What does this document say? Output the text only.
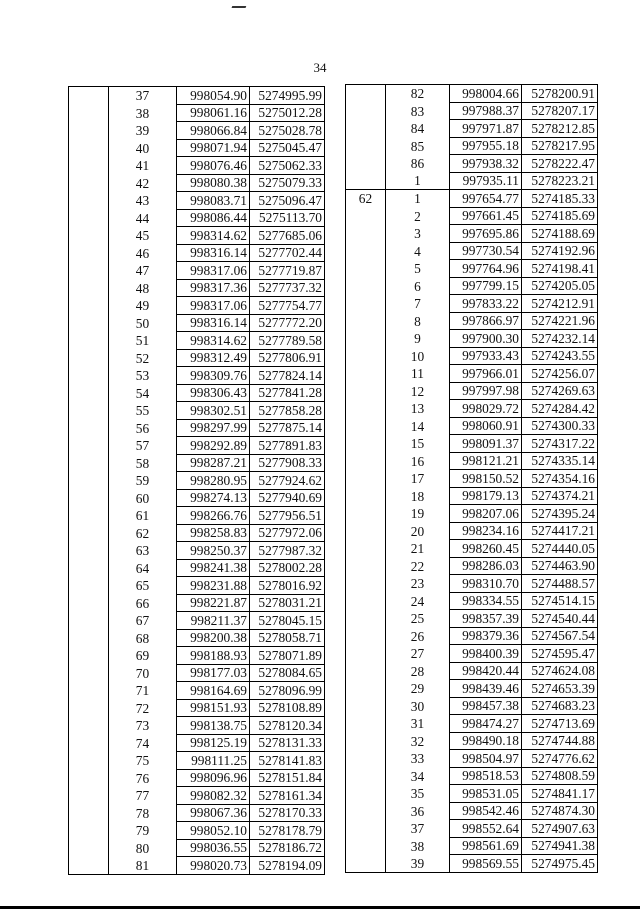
34
	37	998054.90	5274995.99
	38	998061.16	5275012.28
	39	998066.84	5275028.78
	40	998071.94	5275045.47
	41	998076.46	5275062.33
	42	998080.38	5275079.33
	43	998083.71	5275096.47
	44	998086.44	5275113.70
	45	998314.62	5277685.06
	46	998316.14	5277702.44
	47	998317.06	5277719.87
	48	998317.36	5277737.32
	49	998317.06	5277754.77
	50	998316.14	5277772.20
	51	998314.62	5277789.58
	52	998312.49	5277806.91
	53	998309.76	5277824.14
	54	998306.43	5277841.28
	55	998302.51	5277858.28
	56	998297.99	5277875.14
	57	998292.89	5277891.83
	58	998287.21	5277908.33
	59	998280.95	5277924.62
	60	998274.13	5277940.69
	61	998266.76	5277956.51
	62	998258.83	5277972.06
	63	998250.37	5277987.32
	64	998241.38	5278002.28
	65	998231.88	5278016.92
	66	998221.87	5278031.21
	67	998211.37	5278045.15
	68	998200.38	5278058.71
	69	998188.93	5278071.89
	70	998177.03	5278084.65
	71	998164.69	5278096.99
	72	998151.93	5278108.89
	73	998138.75	5278120.34
	74	998125.19	5278131.33
	75	998111.25	5278141.83
	76	998096.96	5278151.84
	77	998082.32	5278161.34
	78	998067.36	5278170.33
	79	998052.10	5278178.79
	80	998036.55	5278186.72
	81	998020.73	5278194.09
	82	998004.66	5278200.91
	83	997988.37	5278207.17
	84	997971.87	5278212.85
	85	997955.18	5278217.95
	86	997938.32	5278222.47
	1	997935.11	5278223.21
62	1	997654.77	5274185.33
	2	997661.45	5274185.69
	3	997695.86	5274188.69
	4	997730.54	5274192.96
	5	997764.96	5274198.41
	6	997799.15	5274205.05
	7	997833.22	5274212.91
	8	997866.97	5274221.96
	9	997900.30	5274232.14
	10	997933.43	5274243.55
	11	997966.01	5274256.07
	12	997997.98	5274269.63
	13	998029.72	5274284.42
	14	998060.91	5274300.33
	15	998091.37	5274317.22
	16	998121.21	5274335.14
	17	998150.52	5274354.16
	18	998179.13	5274374.21
	19	998207.06	5274395.24
	20	998234.16	5274417.21
	21	998260.45	5274440.05
	22	998286.03	5274463.90
	23	998310.70	5274488.57
	24	998334.55	5274514.15
	25	998357.39	5274540.44
	26	998379.36	5274567.54
	27	998400.39	5274595.47
	28	998420.44	5274624.08
	29	998439.46	5274653.39
	30	998457.38	5274683.23
	31	998474.27	5274713.69
	32	998490.18	5274744.88
	33	998504.97	5274776.62
	34	998518.53	5274808.59
	35	998531.05	5274841.17
	36	998542.46	5274874.30
	37	998552.64	5274907.63
	38	998561.69	5274941.38
	39	998569.55	5274975.45
